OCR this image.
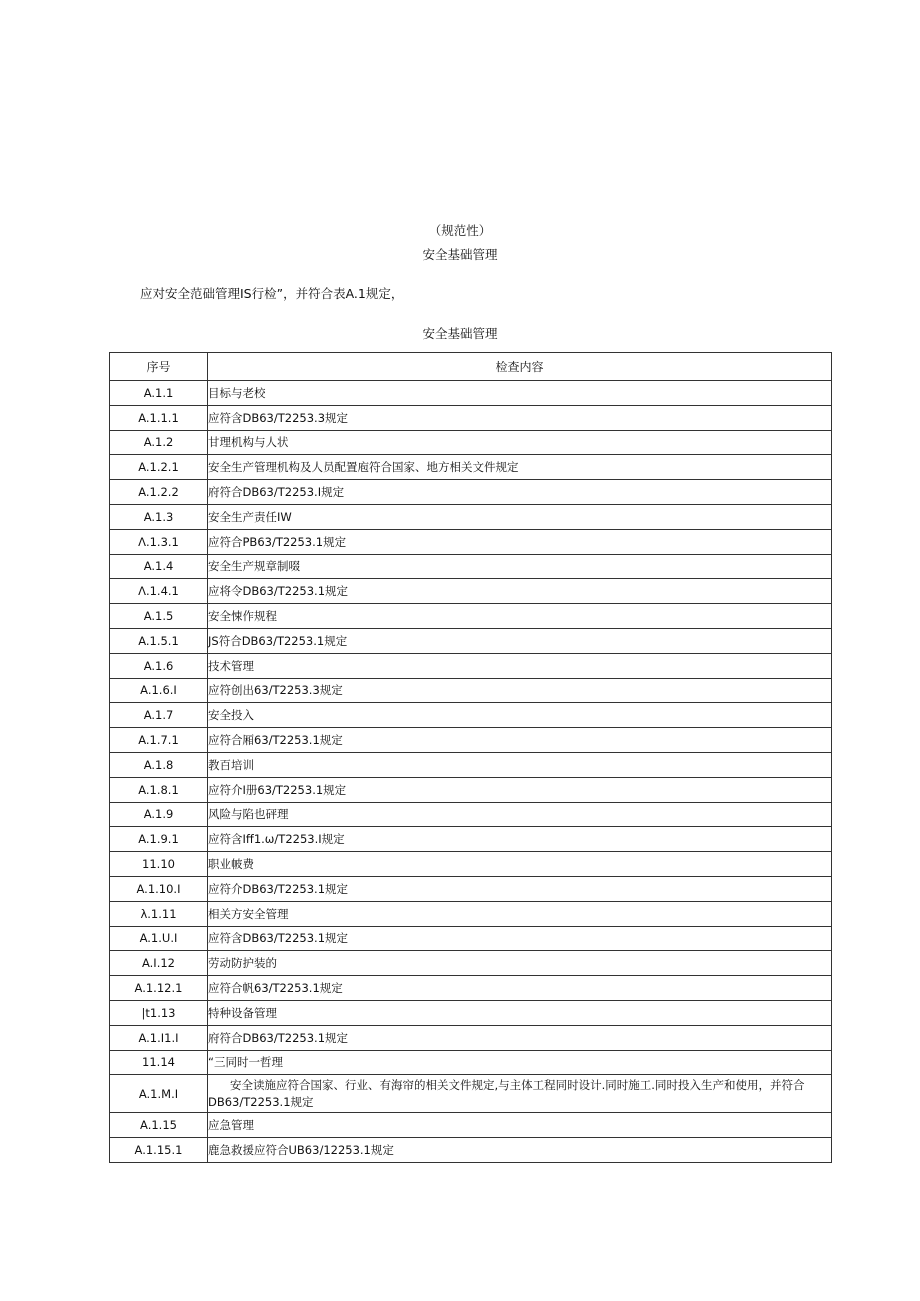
（规范性）
安全基础管理
应对安全范础管理IS行检”，并符合表A.1规定，
安全基础管理
序号	检查内容
A.1.1	目标与老校
A.1.1.1	应符含DB63/T2253.3规定
A.1.2	甘理机构与人状
A.1.2.1	安全生产管理机构及人员配置庖符合国家、地方相关文件规定
A.1.2.2	府符合DB63/T2253.I规定
A.1.3	安全生产责任IW
Λ.1.3.1	应符合PB63/T2253.1规定
A.1.4	安全生产规章制啜
Λ.1.4.1	应将令DB63/T2253.1规定
A.1.5	安全悚作规程
A.1.5.1	JS符合DB63/T2253.1规定
A.1.6	技术管理
A.1.6.I	应符创出63/T2253.3规定
A.1.7	安全投入
A.1.7.1	应符合厢63/T2253.1规定
A.1.8	教百培训
A.1.8.1	应符介I册63/T2253.1规定
A.1.9	风险与陷也砰理
A.1.9.1	应符含Iff1.ω/T2253.I规定
11.10	职业帔费
A.1.10.I	应符介DB63/T2253.1规定
λ.1.11	相关方安全管理
A.1.U.I	应符含DB63/T2253.1规定
A.I.12	劳动防护装的
A.1.12.1	应符合帆63/T2253.1规定
|t1.13	特种设备管理
A.1.I1.I	府符合DB63/T2253.1规定
11.14	“三同时一哲理
A.1.M.I	安全读施应符合国家、行业、有海帘的相关文件规定,与主体工程同时设计.同时施工.同时投入生产和使用，并符合DB63/T2253.1规定
A.1.15	应急管理
A.1.15.1	鹿急救援应符合UB63/12253.1规定
